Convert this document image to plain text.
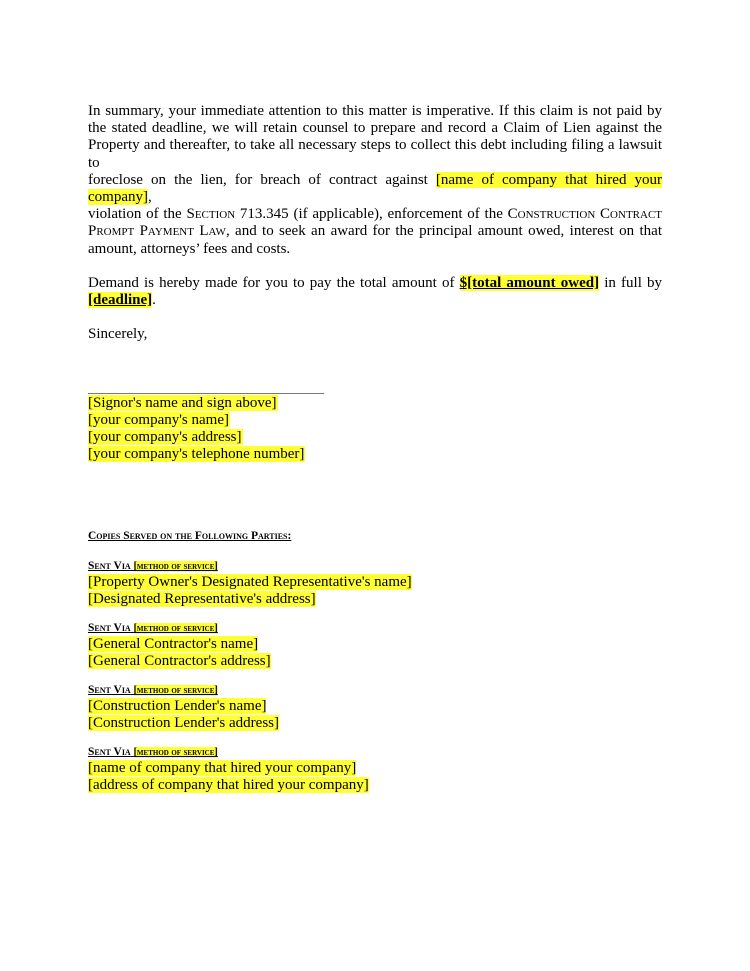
In summary, your immediate attention to this matter is imperative. If this claim is not paid by

the stated deadline, we will retain counsel to prepare and record a Claim of Lien against the

Property and thereafter, to take all necessary steps to collect this debt including filing a lawsuit to

foreclose on the lien, for breach of contract against [name of company that hired your company],

violation of the Section 713.345 (if applicable), enforcement of the Construction Contract

Prompt Payment Law, and to seek an award for the principal amount owed, interest on that

amount, attorneys’ fees and costs.

Demand is hereby made for you to pay the total amount of $[total amount owed] in full by

[deadline].

Sincerely,

[Signor's name and sign above]
[your company's name]
[your company's address]
[your company's telephone number]
Copies Served on the Following Parties:
Sent Via [method of service]
[Property Owner's Designated Representative's name]
[Designated Representative's address]
Sent Via [method of service]
[General Contractor's name]
[General Contractor's address]
Sent Via [method of service]
[Construction Lender's name]
[Construction Lender's address]
Sent Via [method of service]
[name of company that hired your company]
[address of company that hired your company]
